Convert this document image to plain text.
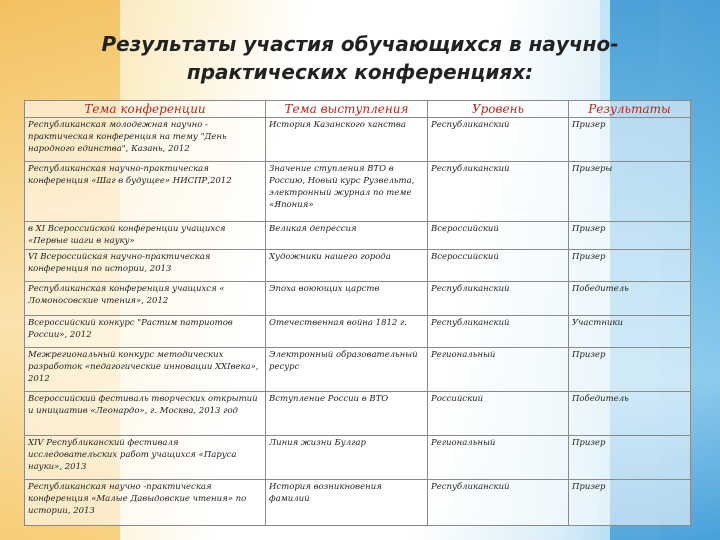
Результаты участия обучающихся в научно-практических конференциях:
Тема конференции	Тема выступления	Уровень	Результаты
Республиканская молодежная научно - практическая конференция на тему "День народного единства", Казань, 2012	История Казанского ханства	Республиканский	Призер
Республиканская научно-практическая конференция «Шаг в будущее» НИСПР,2012	Значение ступления ВТО в Россию, Новый курс Рузвельта, электронный журнал по теме «Япония»	Республиканский	Призеры
в XI Всероссийской конференции учащихся «Первые шаги в науку»	Великая депрессия	Всероссийский	Призер
VI Всероссийская научно-практическая конференция по истории, 2013	Художники нашего города	Всероссийский	Призер
Республиканская конференция учащихся « Ломоносовские чтения», 2012	Эпоха воюющих царств	Республиканский	Победитель
Всероссийский конкурс "Растим патриотов России», 2012	Отечественная война 1812 г.	Республиканский	Участники
Межрегиональный конкурс методических разработок «педагогические инновации XXIвека», 2012	Электронный образовательный ресурс	Региональный	Призер
Всероссийский фестиваль творческих открытий и инициатив «Леонардо», г. Москва, 2013 год	Вступление России в ВТО	Российский	Победитель
XIV Республиканский фестиваля исследовательских работ учащихся «Паруса науки», 2013	Линия жизни Булгар	Региональный	Призер
Республиканская научно -практическая конференция «Малые Давыдовские чтения» по истории, 2013	История возникновения фамилий	Республиканский	Призер
